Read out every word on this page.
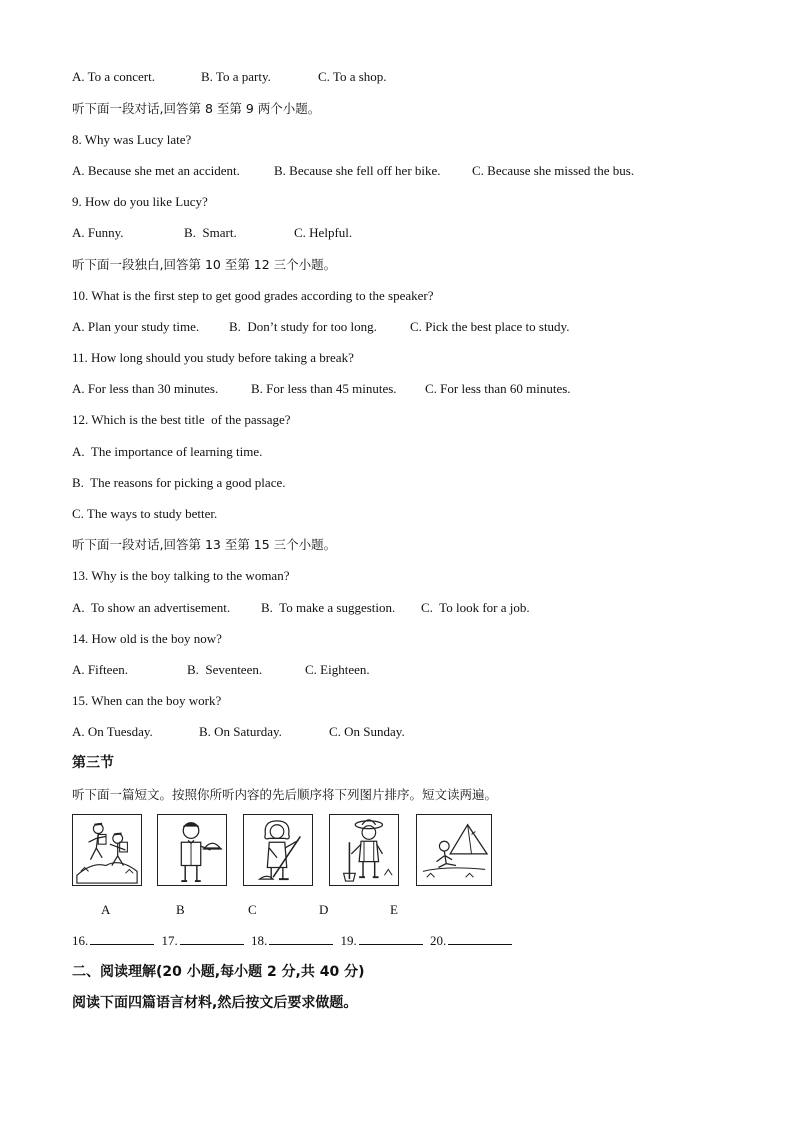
A. To a concert.	B. To a party.	C. To a shop.
听下面一段对话,回答第 8 至第 9 两个小题。
8. Why was Lucy late?
A. Because she met an accident.	B. Because she fell off her bike. C. Because she missed the bus.
9. How do you like Lucy?
A. Funny.	B.  Smart.	C. Helpful.
听下面一段独白,回答第 10 至第 12 三个小题。
10. What is the first step to get good grades according to the speaker?
A. Plan your study time. B.  Don’t study for too long.	C. Pick the best place to study.
11. How long should you study before taking a break?
A. For less than 30 minutes.	B. For less than 45 minutes. C. For less than 60 minutes.
12. Which is the best title  of the passage?
A.  The importance of learning time.
B.  The reasons for picking a good place.
C. The ways to study better.
听下面一段对话,回答第 13 至第 15 三个小题。
13. Why is the boy talking to the woman?
A.  To show an advertisement. B.  To make a suggestion. C.  To look for a job.
14. How old is the boy now?
A. Fifteen.	B.  Seventeen.	C. Eighteen.
15. When can the boy work?
A. On Tuesday.	B. On Saturday.	C. On Sunday.
第三节
听下面一篇短文。按照你所听内容的先后顺序将下列图片排序。短文读两遍。
A	B	C	D	E
16.	17.	18.	19.	20.
二、阅读理解(20 小题,每小题 2 分,共 40 分)
阅读下面四篇语言材料,然后按文后要求做题。
